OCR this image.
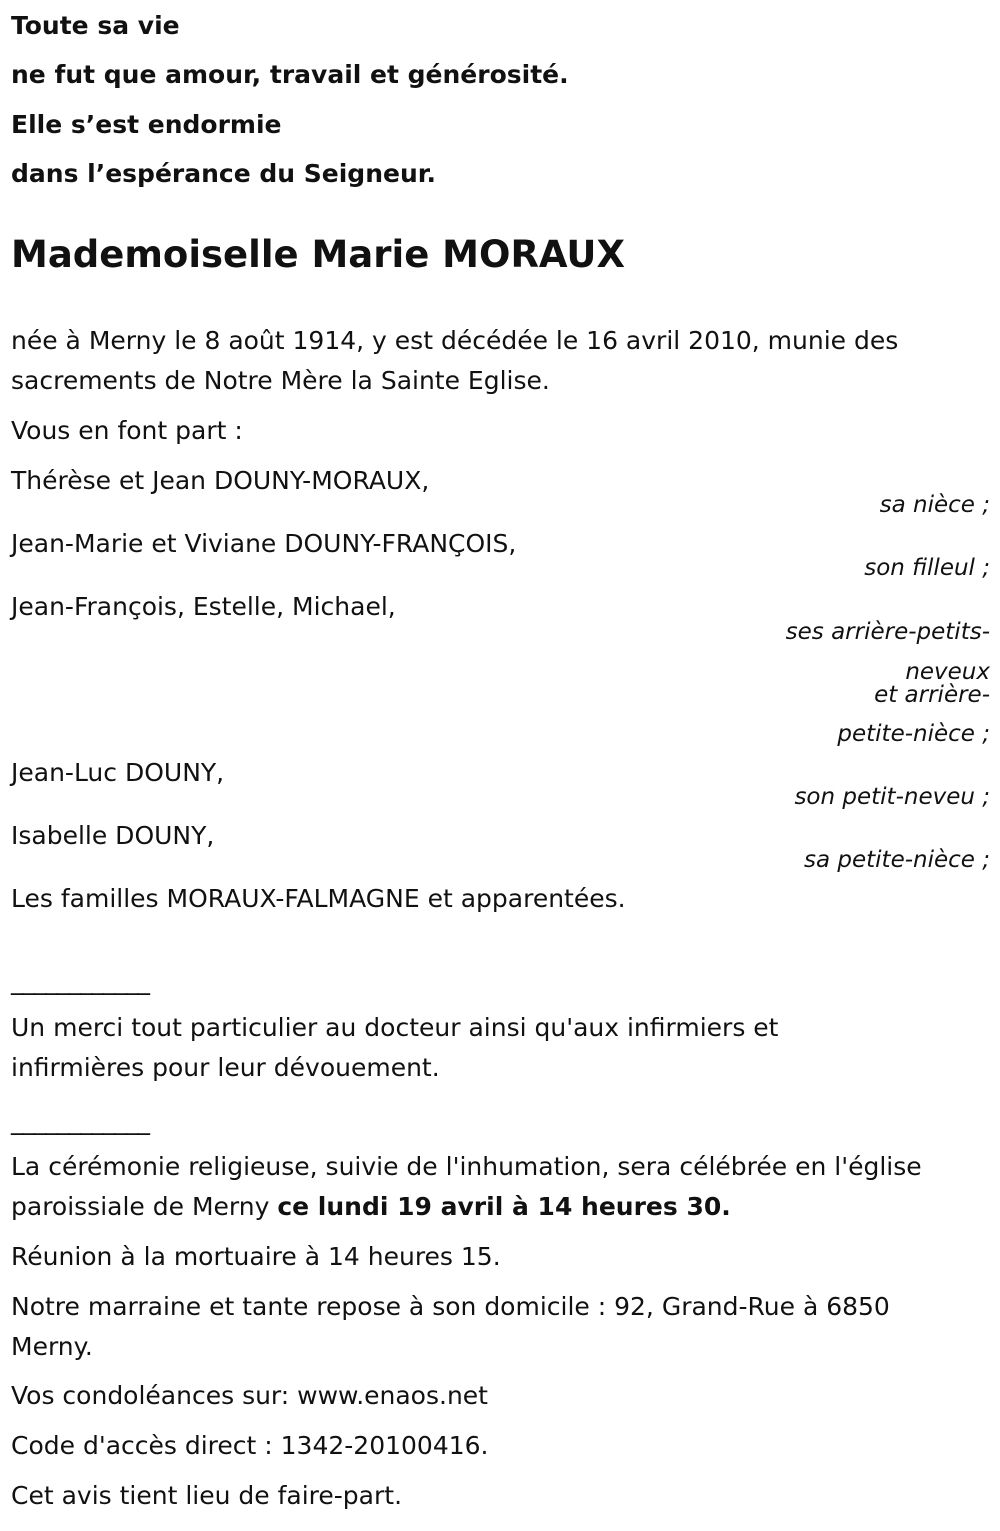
Toute sa vie
ne fut que amour, travail et générosité.
Elle s’est endormie
dans l’espérance du Seigneur.
Mademoiselle Marie MORAUX
née à Merny le 8 août 1914, y est décédée le 16 avril 2010, munie des
sacrements de Notre Mère la Sainte Eglise.
Vous en font part :
Thérèse et Jean DOUNY-MORAUX,
sa nièce ;
Jean-Marie et Viviane DOUNY-FRANÇOIS,
son filleul ;
Jean-François, Estelle, Michael,
ses arrière-petits-neveux
et arrière-
petite-nièce ;
Jean-Luc DOUNY,
son petit-neveu ;
Isabelle DOUNY,
sa petite-nièce ;
Les familles MORAUX-FALMAGNE et apparentées.
____________
Un merci tout particulier au docteur ainsi qu'aux infirmiers et
infirmières pour leur dévouement.
____________
La cérémonie religieuse, suivie de l'inhumation, sera célébrée en l'église
paroissiale de Merny ce lundi 19 avril à 14 heures 30.
Réunion à la mortuaire à 14 heures 15.
Notre marraine et tante repose à son domicile : 92, Grand-Rue à 6850
Merny.
Vos condoléances sur: www.enaos.net
Code d'accès direct : 1342-20100416.
Cet avis tient lieu de faire-part.
